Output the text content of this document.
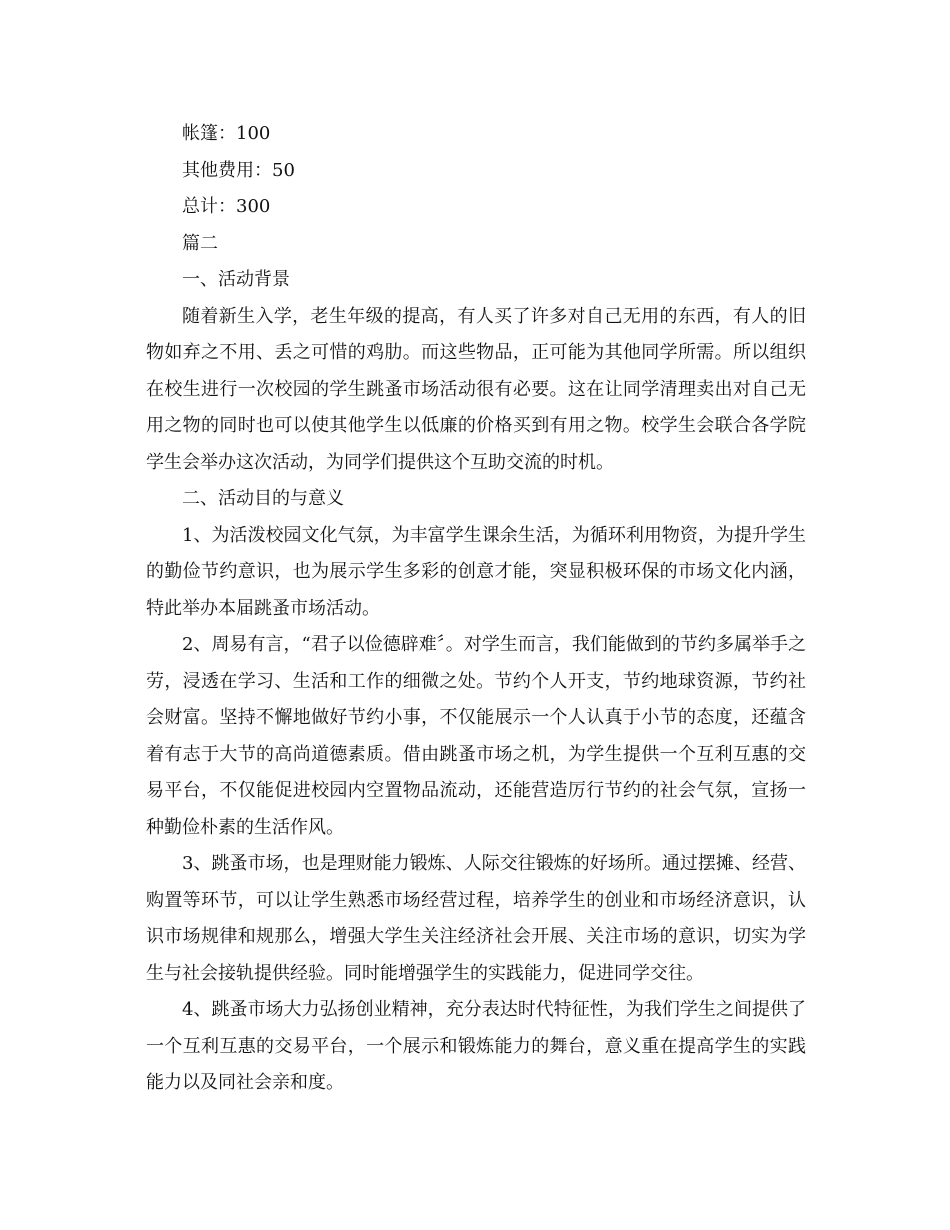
帐篷：100

其他费用：50

总计：300

篇二

一、活动背景

随着新生入学，老生年级的提高，有人买了许多对自己无用的东西，有人的旧物如弃之不用、丢之可惜的鸡肋。而这些物品，正可能为其他同学所需。所以组织在校生进行一次校园的学生跳蚤市场活动很有必要。这在让同学清理卖出对自己无用之物的同时也可以使其他学生以低廉的价格买到有用之物。校学生会联合各学院学生会举办这次活动，为同学们提供这个互助交流的时机。

二、活动目的与意义

1、为活泼校园文化气氛，为丰富学生课余生活，为循环利用物资，为提升学生的勤俭节约意识，也为展示学生多彩的创意才能，突显积极环保的市场文化内涵，特此举办本届跳蚤市场活动。

2、周易有言，“君子以俭德辟难〞。对学生而言，我们能做到的节约多属举手之劳，浸透在学习、生活和工作的细微之处。节约个人开支，节约地球资源，节约社会财富。坚持不懈地做好节约小事，不仅能展示一个人认真于小节的态度，还蕴含着有志于大节的高尚道德素质。借由跳蚤市场之机，为学生提供一个互利互惠的交易平台，不仅能促进校园内空置物品流动，还能营造厉行节约的社会气氛，宣扬一种勤俭朴素的生活作风。

3、跳蚤市场，也是理财能力锻炼、人际交往锻炼的好场所。通过摆摊、经营、购置等环节，可以让学生熟悉市场经营过程，培养学生的创业和市场经济意识，认识市场规律和规那么，增强大学生关注经济社会开展、关注市场的意识，切实为学生与社会接轨提供经验。同时能增强学生的实践能力，促进同学交往。

4、跳蚤市场大力弘扬创业精神，充分表达时代特征性，为我们学生之间提供了一个互利互惠的交易平台，一个展示和锻炼能力的舞台，意义重在提高学生的实践能力以及同社会亲和度。
